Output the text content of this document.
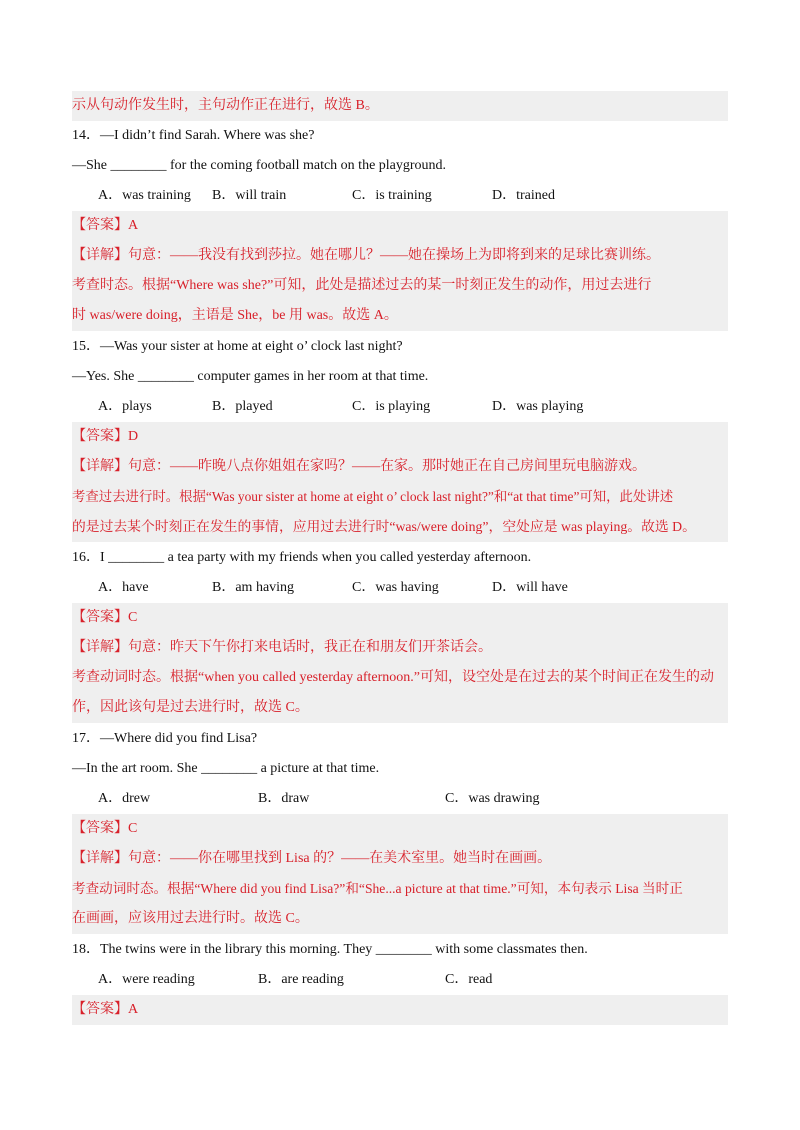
示从句动作发生时，主句动作正在进行，故选 B。
14．—I didn’t find Sarah. Where was she?
—She ________ for the coming football match on the playground.
A．was training B．will train	C．is training	D．trained
【答案】A
【详解】句意：——我没有找到莎拉。她在哪儿？——她在操场上为即将到来的足球比赛训练。
考查时态。根据“Where was she?”可知，此处是描述过去的某一时刻正发生的动作，用过去进行
时 was/were doing，主语是 She，be 用 was。故选 A。
15．—Was your sister at home at eight o’ clock last night?
—Yes. She ________ computer games in her room at that time.
A．plays	B．played	C．is playing	D．was playing
【答案】D
【详解】句意：——昨晚八点你姐姐在家吗？——在家。那时她正在自己房间里玩电脑游戏。
考查过去进行时。根据“Was your sister at home at eight o’ clock last night?”和“at that time”可知，此处讲述
的是过去某个时刻正在发生的事情，应用过去进行时“was/were doing”，空处应是 was playing。故选 D。
16．I ________ a tea party with my friends when you called yesterday afternoon.
A．have	B．am having	C．was having	D．will have
【答案】C
【详解】句意：昨天下午你打来电话时，我正在和朋友们开茶话会。
考查动词时态。根据“when you called yesterday afternoon.”可知，设空处是在过去的某个时间正在发生的动
作，因此该句是过去进行时，故选 C。
17．—Where did you find Lisa?
—In the art room. She ________ a picture at that time.
A．drew	B．draw	C．was drawing
【答案】C
【详解】句意：——你在哪里找到 Lisa 的？——在美术室里。她当时在画画。
考查动词时态。根据“Where did you find Lisa?”和“She...a picture at that time.”可知，本句表示 Lisa 当时正
在画画，应该用过去进行时。故选 C。
18．The twins were in the library this morning. They ________ with some classmates then.
A．were reading	B．are reading	C．read
【答案】A
